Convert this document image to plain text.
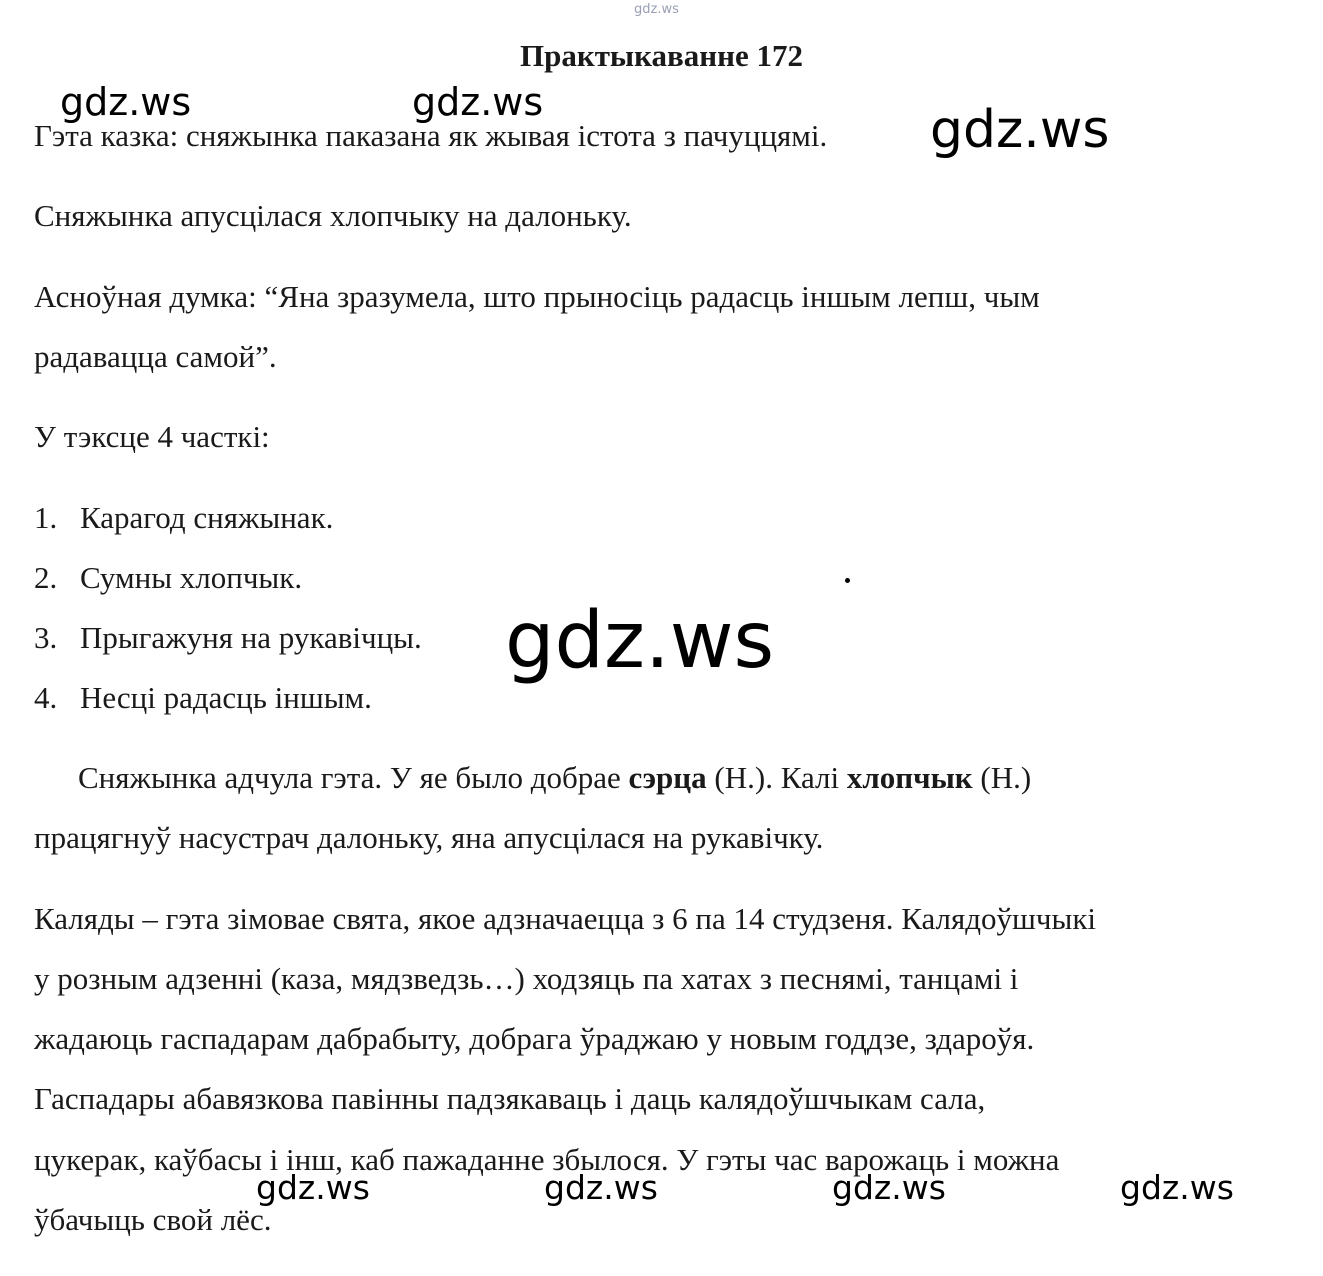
gdz.ws
Практыкаванне 172
Гэта казка: сняжынка паказана як жывая істота з пачуццямі.
Сняжынка апусцілася хлопчыку на далоньку.
Асноўная думка: “Яна зразумела, што прыносіць радасць іншым лепш, чым
радавацца самой”.
У тэксце 4 часткі:
1. Карагод сняжынак.
2. Сумны хлопчык.
3. Прыгажуня на рукавічцы.
4. Несці радасць іншым.
Сняжынка адчула гэта. У яе было добрае сэрца (Н.). Калі хлопчык (Н.)
працягнуў насустрач далоньку, яна апусцілася на рукавічку.
Каляды – гэта зімовае свята, якое адзначаецца з 6 па 14 студзеня. Калядоўшчыкі
у розным адзенні (каза, мядзведзь…) ходзяць па хатах з песнямі, танцамі і
жадаюць гаспадарам дабрабыту, добрага ўраджаю у новым годдзе, здароўя.
Гаспадары абавязкова павінны падзякаваць і даць калядоўшчыкам сала,
цукерак, каўбасы і інш, каб пажаданне збылося. У гэты час варожаць і можна
ўбачыць свой лёс.
gdz.ws	gdz.ws	gdz.ws
gdz.ws
gdz.ws	gdz.ws	gdz.ws	gdz.ws
